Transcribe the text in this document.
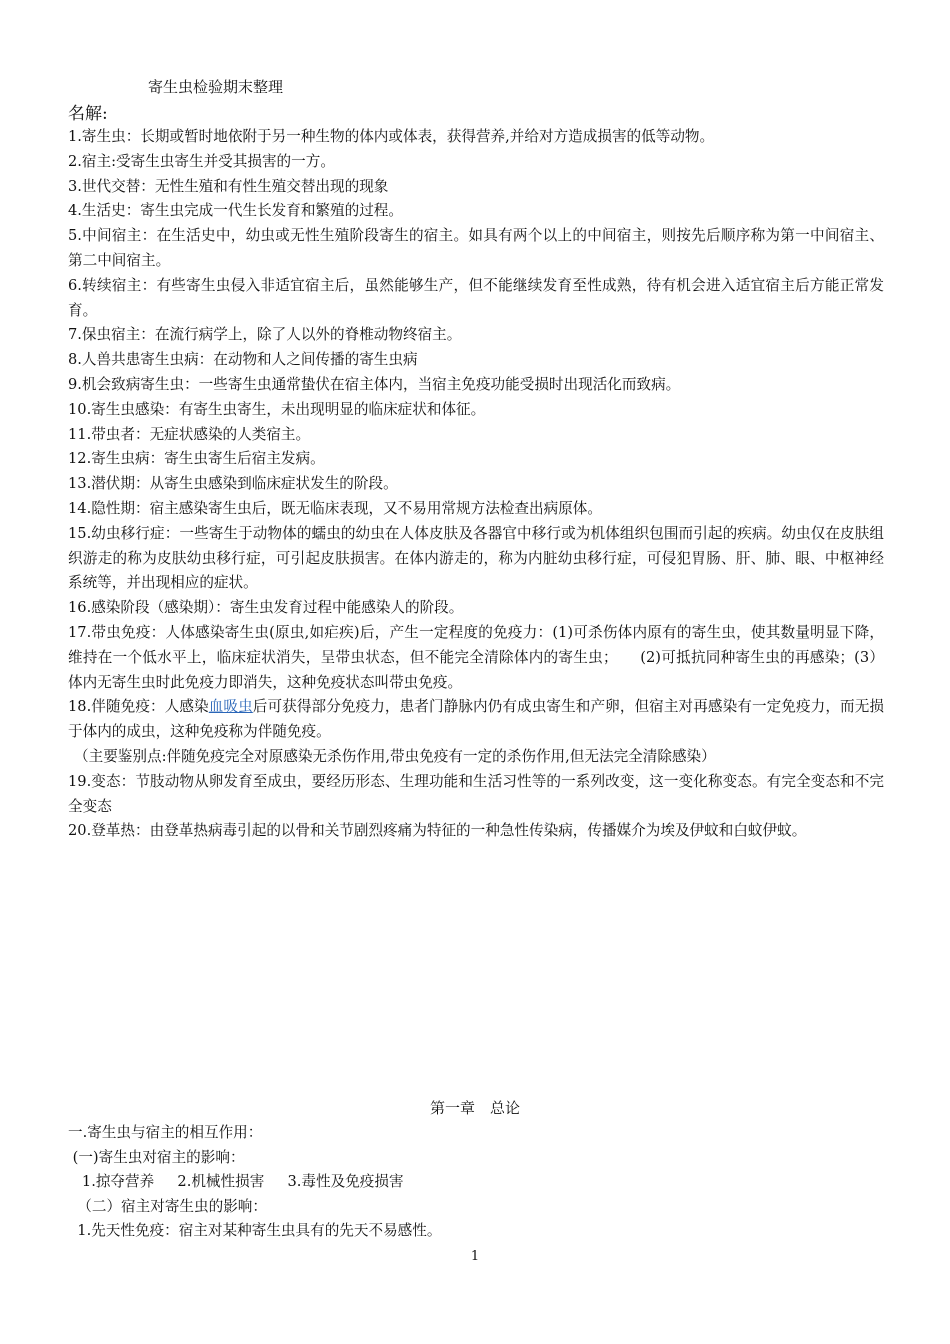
寄生虫检验期末整理
名解:

1.寄生虫：长期或暂时地依附于另一种生物的体内或体表，获得营养,并给对方造成损害的低等动物。

2.宿主:受寄生虫寄生并受其损害的一方。

3.世代交替：无性生殖和有性生殖交替出现的现象

4.生活史：寄生虫完成一代生长发育和繁殖的过程。

5.中间宿主：在生活史中，幼虫或无性生殖阶段寄生的宿主。如具有两个以上的中间宿主，则按先后顺序称为第一中间宿主、第二中间宿主。

6.转续宿主：有些寄生虫侵入非适宜宿主后，虽然能够生产，但不能继续发育至性成熟，待有机会进入适宜宿主后方能正常发育。

7.保虫宿主：在流行病学上，除了人以外的脊椎动物终宿主。

8.人兽共患寄生虫病：在动物和人之间传播的寄生虫病

9.机会致病寄生虫：一些寄生虫通常蛰伏在宿主体内，当宿主免疫功能受损时出现活化而致病。

10.寄生虫感染：有寄生虫寄生，未出现明显的临床症状和体征。

11.带虫者：无症状感染的人类宿主。

12.寄生虫病：寄生虫寄生后宿主发病。

13.潜伏期：从寄生虫感染到临床症状发生的阶段。

14.隐性期：宿主感染寄生虫后，既无临床表现，又不易用常规方法检查出病原体。

15.幼虫移行症：一些寄生于动物体的蠕虫的幼虫在人体皮肤及各器官中移行或为机体组织包围而引起的疾病。幼虫仅在皮肤组织游走的称为皮肤幼虫移行症，可引起皮肤损害。在体内游走的，称为内脏幼虫移行症，可侵犯胃肠、肝、肺、眼、中枢神经系统等，并出现相应的症状。

16.感染阶段（感染期）：寄生虫发育过程中能感染人的阶段。

17.带虫免疫：人体感染寄生虫(原虫,如疟疾)后，产生一定程度的免疫力：(1)可杀伤体内原有的寄生虫，使其数量明显下降，维持在一个低水平上，临床症状消失，呈带虫状态，但不能完全清除体内的寄生虫；　　(2)可抵抗同种寄生虫的再感染；(3）体内无寄生虫时此免疫力即消失，这种免疫状态叫带虫免疫。

18.伴随免疫：人感染血吸虫后可获得部分免疫力，患者门静脉内仍有成虫寄生和产卵，但宿主对再感染有一定免疫力，而无损于体内的成虫，这种免疫称为伴随免疫。

（主要鉴别点:伴随免疫完全对原感染无杀伤作用,带虫免疫有一定的杀伤作用,但无法完全清除感染）

19.变态：节肢动物从卵发育至成虫，要经历形态、生理功能和生活习性等的一系列改变，这一变化称变态。有完全变态和不完全变态

20.登革热：由登革热病毒引起的以骨和关节剧烈疼痛为特征的一种急性传染病，传播媒介为埃及伊蚊和白蚊伊蚊。

第一章　总论

一.寄生虫与宿主的相互作用：

(一)寄生虫对宿主的影响：

1.掠夺营养     2.机械性损害     3.毒性及免疫损害

（二）宿主对寄生虫的影响：

1.先天性免疫：宿主对某种寄生虫具有的先天不易感性。

1
